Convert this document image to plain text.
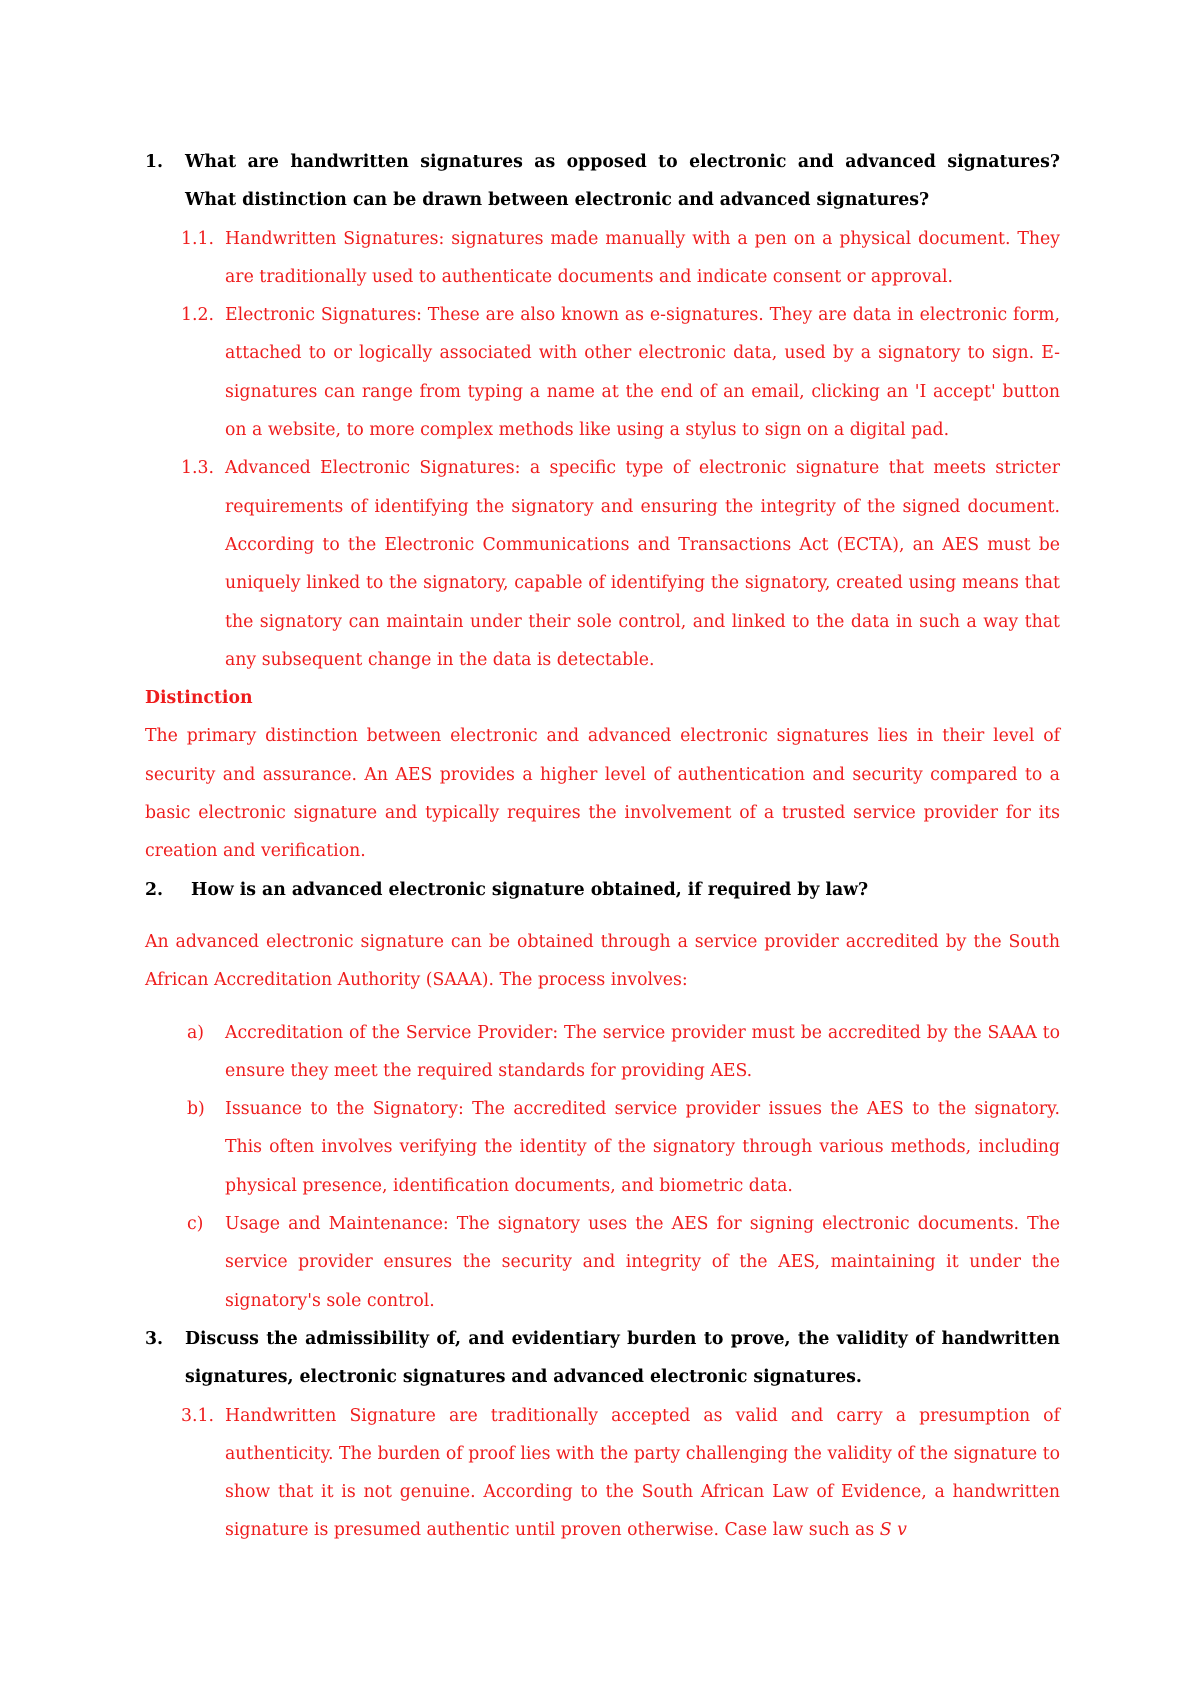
1. What are handwritten signatures as opposed to electronic and advanced signatures? What distinction can be drawn between electronic and advanced signatures?

1.1. Handwritten Signatures: signatures made manually with a pen on a physical document. They are traditionally used to authenticate documents and indicate consent or approval.

1.2. Electronic Signatures: These are also known as e-signatures. They are data in electronic form, attached to or logically associated with other electronic data, used by a signatory to sign. E-signatures can range from typing a name at the end of an email, clicking an 'I accept' button on a website, to more complex methods like using a stylus to sign on a digital pad.

1.3. Advanced Electronic Signatures: a specific type of electronic signature that meets stricter requirements of identifying the signatory and ensuring the integrity of the signed document. According to the Electronic Communications and Transactions Act (ECTA), an AES must be uniquely linked to the signatory, capable of identifying the signatory, created using means that the signatory can maintain under their sole control, and linked to the data in such a way that any subsequent change in the data is detectable.

Distinction

The primary distinction between electronic and advanced electronic signatures lies in their level of security and assurance. An AES provides a higher level of authentication and security compared to a basic electronic signature and typically requires the involvement of a trusted service provider for its creation and verification.

2. How is an advanced electronic signature obtained, if required by law?

An advanced electronic signature can be obtained through a service provider accredited by the South African Accreditation Authority (SAAA). The process involves:

a) Accreditation of the Service Provider: The service provider must be accredited by the SAAA to ensure they meet the required standards for providing AES.

b) Issuance to the Signatory: The accredited service provider issues the AES to the signatory. This often involves verifying the identity of the signatory through various methods, including physical presence, identification documents, and biometric data.

c) Usage and Maintenance: The signatory uses the AES for signing electronic documents. The service provider ensures the security and integrity of the AES, maintaining it under the signatory's sole control.

3. Discuss the admissibility of, and evidentiary burden to prove, the validity of handwritten signatures, electronic signatures and advanced electronic signatures.

3.1. Handwritten Signature are traditionally accepted as valid and carry a presumption of authenticity. The burden of proof lies with the party challenging the validity of the signature to show that it is not genuine. According to the South African Law of Evidence, a handwritten signature is presumed authentic until proven otherwise. Case law such as S v
